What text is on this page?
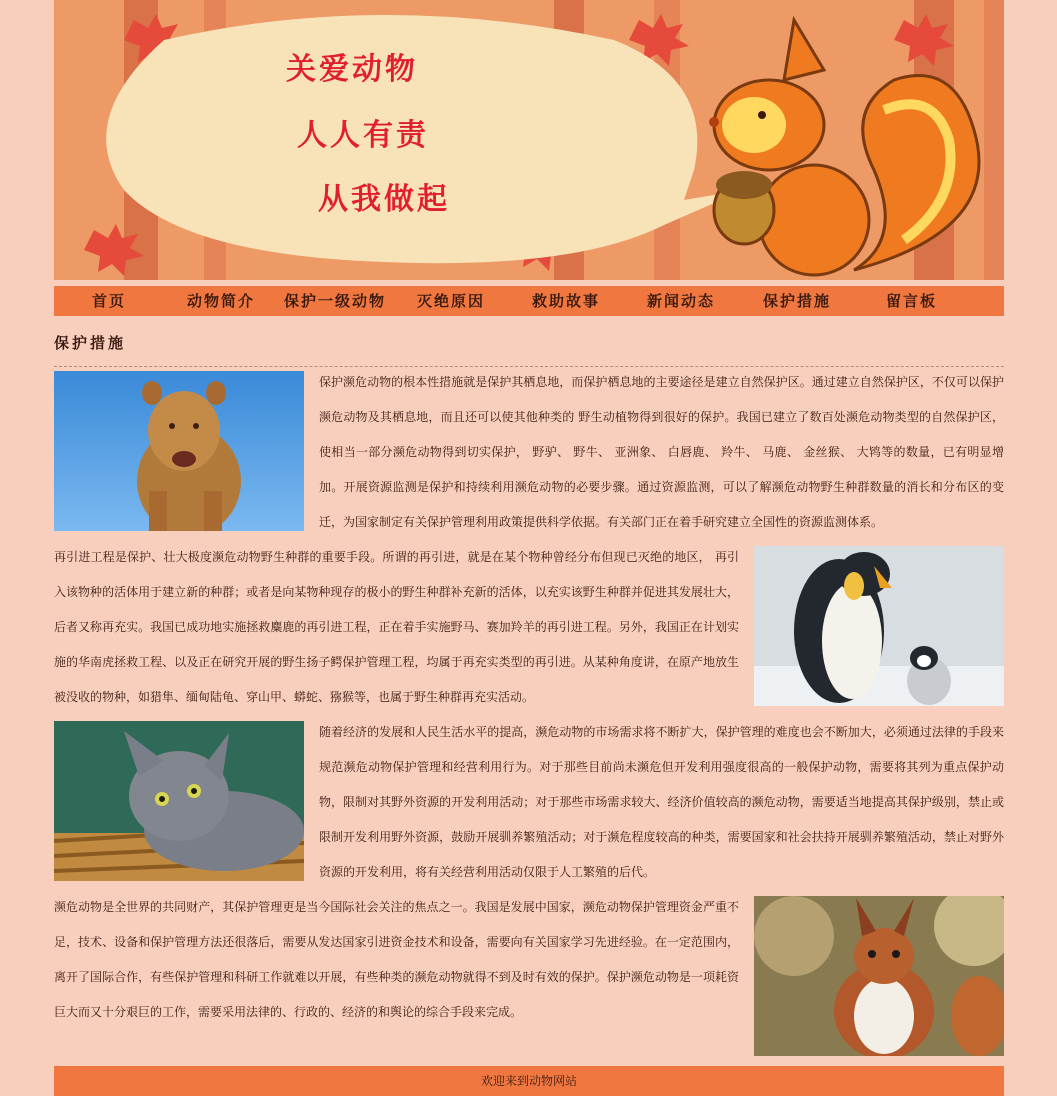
关爱动物
人人有责
从我做起
首页	动物简介 保护一级动物 灭绝原因	救助故事	新闻动态	保护措施	留言板
保护措施
保护濒危动物的根本性措施就是保护其栖息地，而保护栖息地的主要途径是建立自然保护区。通过建立自然保护区，不仅可以保护濒危动物及其栖息地，而且还可以使其他种类的 野生动植物得到很好的保护。我国已建立了数百处濒危动物类型的自然保护区，使相当一部分濒危动物得到切实保护， 野驴、 野牛、 亚洲象、 白唇鹿、 羚牛、 马鹿、 金丝猴、 大鸨等的数量，已有明显增加。开展资源监测是保护和持续利用濒危动物的必要步骤。通过资源监测，可以了解濒危动物野生种群数量的消长和分布区的变迁，为国家制定有关保护管理利用政策提供科学依据。有关部门正在着手研究建立全国性的资源监测体系。
再引进工程是保护、壮大极度濒危动物野生种群的重要手段。所谓的再引进，就是在某个物种曾经分布但现已灭绝的地区， 再引入该物种的活体用于建立新的种群；或者是向某物种现存的极小的野生种群补充新的活体，以充实该野生种群并促进其发展壮大，后者又称再充实。我国已成功地实施拯救麋鹿的再引进工程，正在着手实施野马、赛加羚羊的再引进工程。另外，我国正在计划实施的华南虎拯救工程、以及正在研究开展的野生扬子鳄保护管理工程，均属于再充实类型的再引进。从某种角度讲，在原产地放生被没收的物种，如猎隼、缅甸陆龟、穿山甲、蟒蛇、猕猴等，也属于野生种群再充实活动。
随着经济的发展和人民生活水平的提高，濒危动物的市场需求将不断扩大，保护管理的难度也会不断加大，必须通过法律的手段来规范濒危动物保护管理和经营利用行为。对于那些目前尚未濒危但开发利用强度很高的一般保护动物，需要将其列为重点保护动物，限制对其野外资源的开发利用活动；对于那些市场需求较大、经济价值较高的濒危动物，需要适当地提高其保护级别，禁止或限制开发利用野外资源，鼓励开展驯养繁殖活动；对于濒危程度较高的种类，需要国家和社会扶持开展驯养繁殖活动，禁止对野外资源的开发利用，将有关经营利用活动仅限于人工繁殖的后代。
濒危动物是全世界的共同财产，其保护管理更是当今国际社会关注的焦点之一。我国是发展中国家，濒危动物保护管理资金严重不足，技术、设备和保护管理方法还很落后，需要从发达国家引进资金技术和设备，需要向有关国家学习先进经验。在一定范围内，离开了国际合作，有些保护管理和科研工作就难以开展，有些种类的濒危动物就得不到及时有效的保护。保护濒危动物是一项耗资巨大而又十分艰巨的工作，需要采用法律的、行政的、经济的和舆论的综合手段来完成。
欢迎来到动物网站
